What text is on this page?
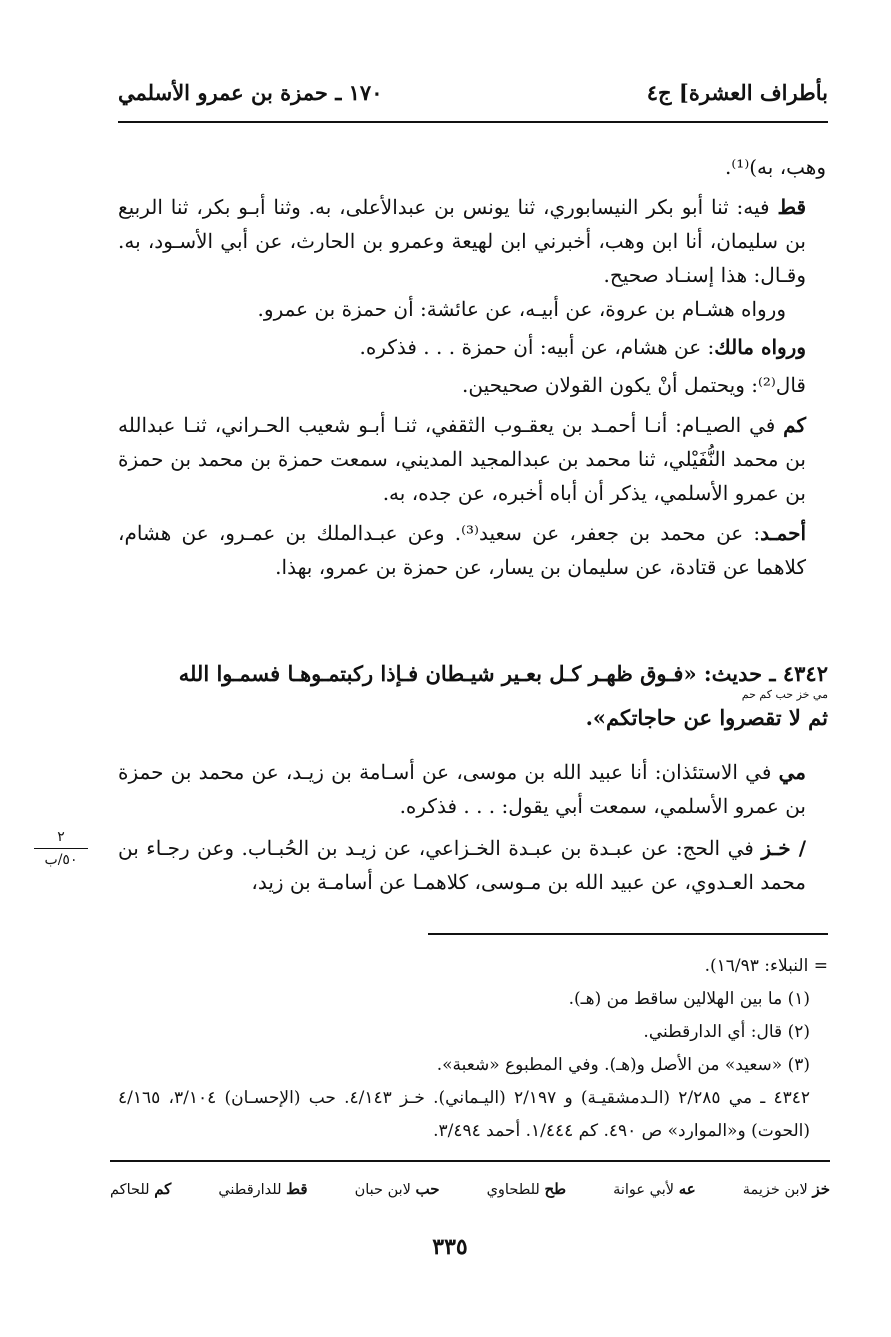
بأطراف العشرة] ج٤
١٧٠ ـ حمزة بن عمرو الأسلمي

وهب، به)⁽¹⁾.

قط فيه: ثنا أبو بكر النيسابوري، ثنا يونس بن عبدالأعلى، به. وثنا أبـو بكر، ثنا الربيع بن سليمان، أنا ابن وهب، أخبرني ابن لهيعة وعمرو بن الحارث، عن أبي الأسـود، به. وقـال: هذا إسنـاد صحيح.

ورواه هشـام بن عروة، عن أبيـه، عن عائشة: أن حمزة بن عمرو.

ورواه مالك: عن هشام، عن أبيه: أن حمزة . . . فذكره.

قال⁽²⁾: ويحتمل أنْ يكون القولان صحيحين.

كم في الصيـام: أنـا أحمـد بن يعقـوب الثقفي، ثنـا أبـو شعيب الحـراني، ثنـا عبدالله بن محمد النُّفَيْلي، ثنا محمد بن عبدالمجيد المديني، سمعت حمزة بن محمد بن حمزة بن عمرو الأسلمي، يذكر أن أباه أخبره، عن جده، به.

أحمـد: عن محمد بن جعفر، عن سعيد⁽³⁾. وعن عبـدالملك بن عمـرو، عن هشام، كلاهما عن قتادة، عن سليمان بن يسار، عن حمزة بن عمرو، بهذا.

٤٣٤٢ ـ حديث: «فـوق ظهـر كـل بعـير شيـطان فـإذا ركبتمـوهـا فسمـوا الله
مي خز حب كم حم
ثم لا تقصروا عن حاجاتكم».

مي في الاستئذان: أنا عبيد الله بن موسى، عن أسـامة بن زيـد، عن محمد بن حمزة بن عمرو الأسلمي، سمعت أبي يقول: . . . فذكره.

/ خـز في الحج: عن عبـدة بن عبـدة الخـزاعي، عن زيـد بن الحُبـاب. وعن رجـاء بن محمد العـدوي، عن عبيد الله بن مـوسى، كلاهمـا عن أسامـة بن زيد،

٢
٥٠/ب

= النبلاء: ١٦/٩٣).

(١) ما بين الهلالين ساقط من (هـ).

(٢) قال: أي الدارقطني.

(٣) «سعيد» من الأصل و(هـ). وفي المطبوع «شعبة».

٤٣٤٢ ـ مي ٢/٢٨٥ (الـدمشقيـة) و ٢/١٩٧ (اليـماني). خـز ٤/١٤٣. حب (الإحسـان) ٣/١٠٤، ٤/١٦٥ (الحوت) و«الموارد» ص ٤٩٠. كم ١/٤٤٤. أحمد ٣/٤٩٤.

خز لابن خزيمة
عه لأبي عوانة
طح للطحاوي
حب لابن حبان
قط للدارقطني
كم للحاكم
٣٣٥
